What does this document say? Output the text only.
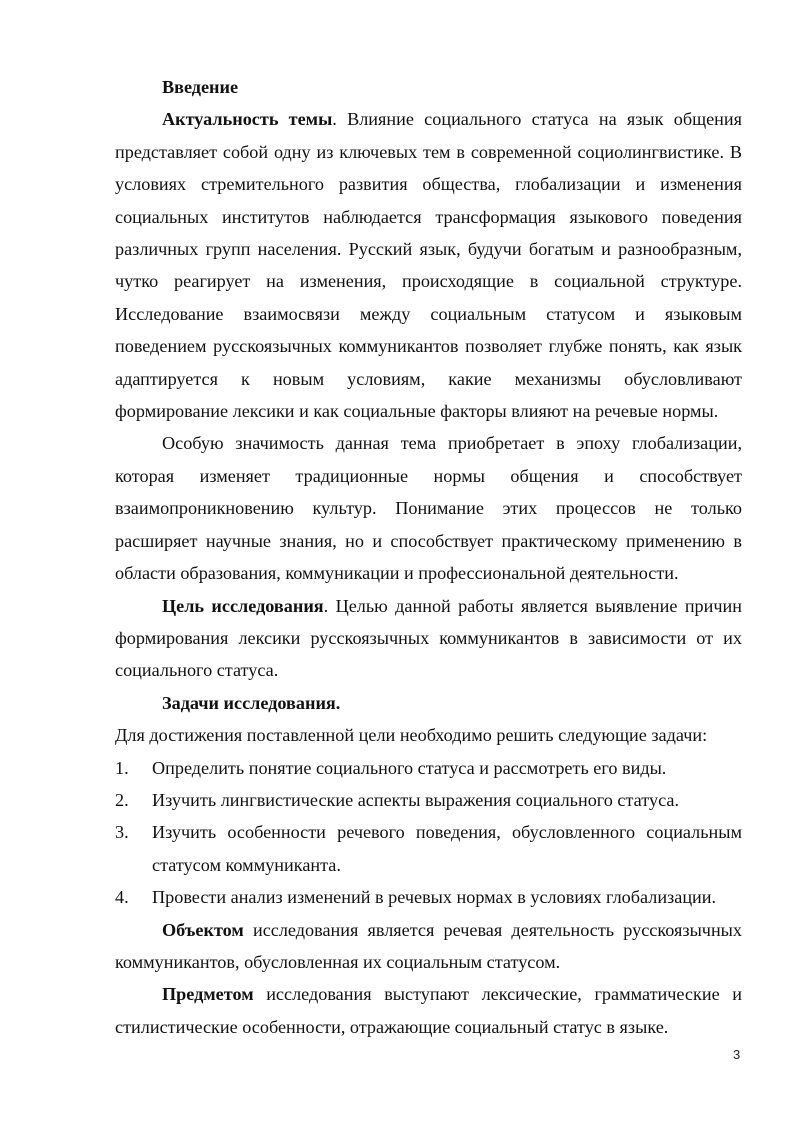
Введение

Актуальность темы. Влияние социального статуса на язык общения представляет собой одну из ключевых тем в современной социолингвистике. В условиях стремительного развития общества, глобализации и изменения социальных институтов наблюдается трансформация языкового поведения различных групп населения. Русский язык, будучи богатым и разнообразным, чутко реагирует на изменения, происходящие в социальной структуре. Исследование взаимосвязи между социальным статусом и языковым поведением русскоязычных коммуникантов позволяет глубже понять, как язык адаптируется к новым условиям, какие механизмы обусловливают формирование лексики и как социальные факторы влияют на речевые нормы.

Особую значимость данная тема приобретает в эпоху глобализации, которая изменяет традиционные нормы общения и способствует взаимопроникновению культур. Понимание этих процессов не только расширяет научные знания, но и способствует практическому применению в области образования, коммуникации и профессиональной деятельности.

Цель исследования. Целью данной работы является выявление причин формирования лексики русскоязычных коммуникантов в зависимости от их социального статуса.

Задачи исследования.

Для достижения поставленной цели необходимо решить следующие задачи:

1. Определить понятие социального статуса и рассмотреть его виды.
2. Изучить лингвистические аспекты выражения социального статуса.
3. Изучить особенности речевого поведения, обусловленного социальным статусом коммуниканта.
4. Провести анализ изменений в речевых нормах в условиях глобализации.

Объектом исследования является речевая деятельность русскоязычных коммуникантов, обусловленная их социальным статусом.

Предметом исследования выступают лексические, грамматические и стилистические особенности, отражающие социальный статус в языке.

3
